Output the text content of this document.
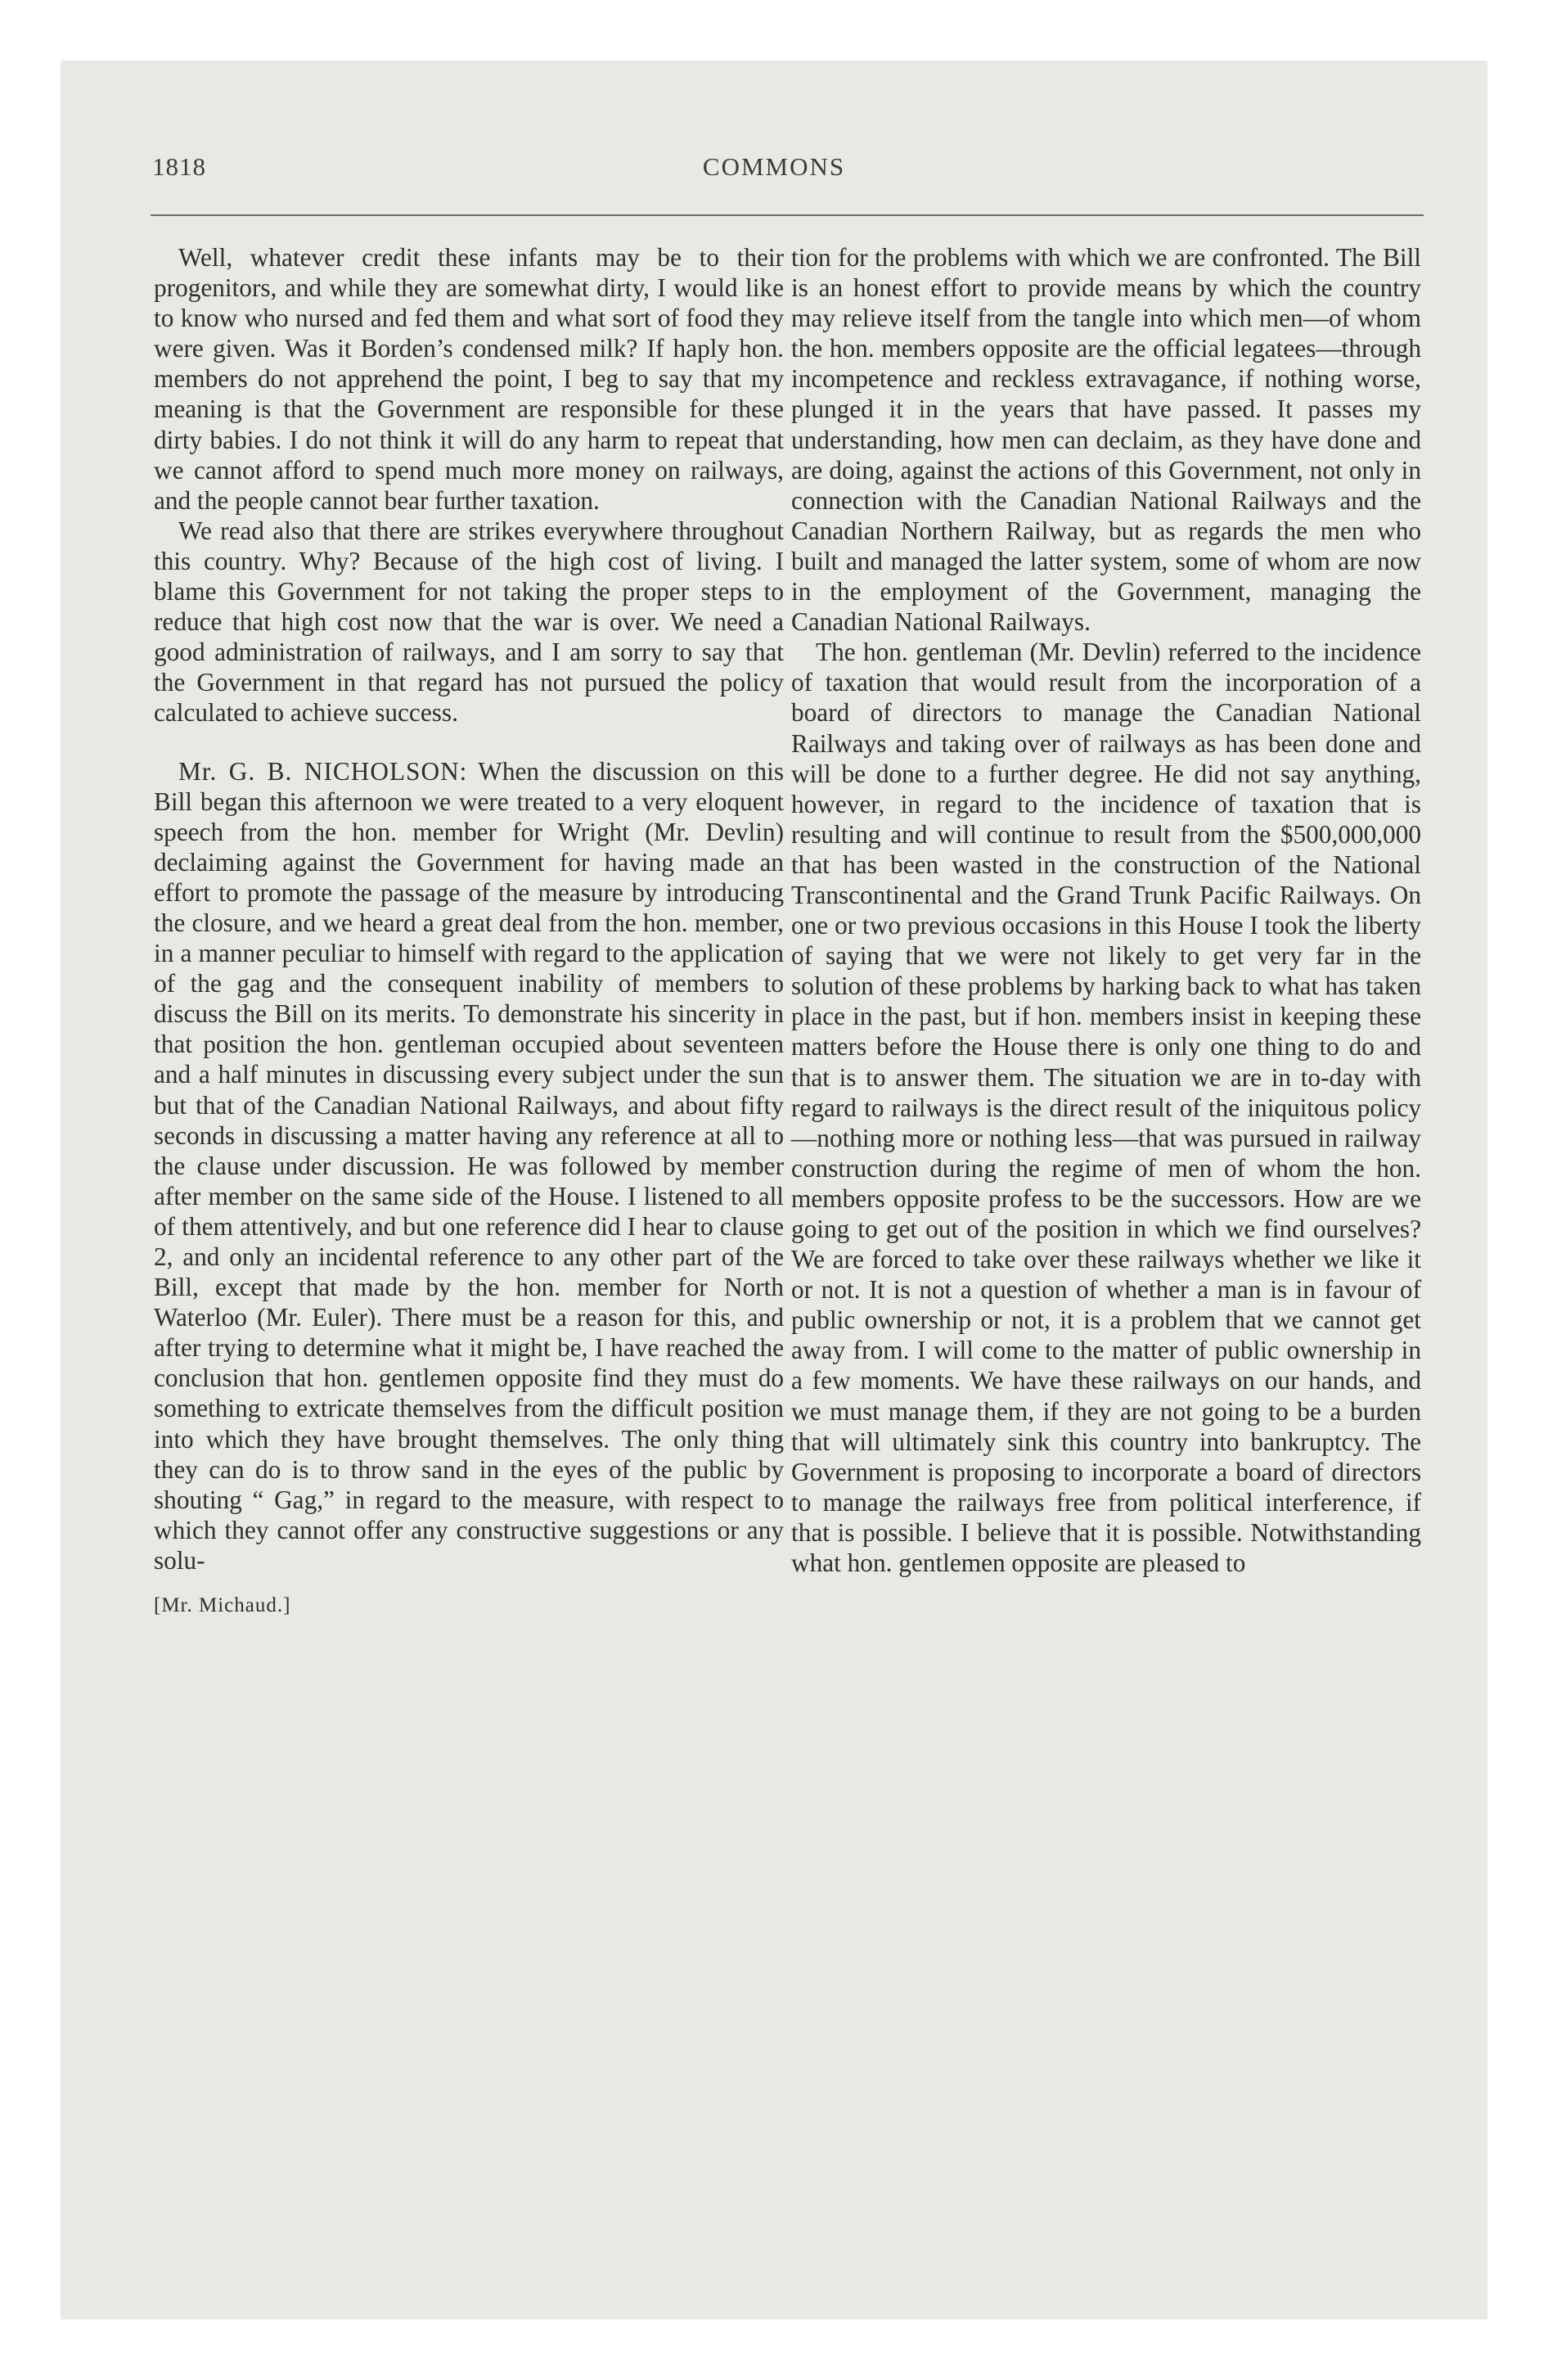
1818	COMMONS

Well, whatever credit these infants may be to their progenitors, and while they are somewhat dirty, I would like to know who nursed and fed them and what sort of food they were given. Was it Borden’s condensed milk? If haply hon. members do not apprehend the point, I beg to say that my meaning is that the Government are responsible for these dirty babies. I do not think it will do any harm to repeat that we cannot afford to spend much more money on railways, and the people cannot bear further taxation.

We read also that there are strikes everywhere throughout this country. Why? Because of the high cost of living. I blame this Government for not taking the proper steps to reduce that high cost now that the war is over. We need a good administration of railways, and I am sorry to say that the Government in that regard has not pursued the policy calculated to achieve success.

Mr. G. B. NICHOLSON: When the discussion on this Bill began this afternoon we were treated to a very eloquent speech from the hon. member for Wright (Mr. Devlin) declaiming against the Government for having made an effort to promote the passage of the measure by introducing the closure, and we heard a great deal from the hon. member, in a manner peculiar to himself with regard to the application of the gag and the consequent inability of members to discuss the Bill on its merits. To demonstrate his sincerity in that position the hon. gentleman occupied about seventeen and a half minutes in discussing every subject under the sun but that of the Canadian National Railways, and about fifty seconds in discussing a matter having any reference at all to the clause under discussion. He was followed by member after member on the same side of the House. I listened to all of them attentively, and but one reference did I hear to clause 2, and only an incidental reference to any other part of the Bill, except that made by the hon. member for North Waterloo (Mr. Euler). There must be a reason for this, and after trying to determine what it might be, I have reached the conclusion that hon. gentlemen opposite find they must do something to extricate themselves from the difficult position into which they have brought themselves. The only thing they can do is to throw sand in the eyes of the public by shouting “ Gag,” in regard to the measure, with respect to which they cannot offer any constructive suggestions or any solu-

[Mr. Michaud.]

tion for the problems with which we are confronted. The Bill is an honest effort to provide means by which the country may relieve itself from the tangle into which men—of whom the hon. members opposite are the official legatees—through incompetence and reckless extravagance, if nothing worse, plunged it in the years that have passed. It passes my understanding, how men can declaim, as they have done and are doing, against the actions of this Government, not only in connection with the Canadian National Railways and the Canadian Northern Railway, but as regards the men who built and managed the latter system, some of whom are now in the employment of the Government, managing the Canadian National Railways.

The hon. gentleman (Mr. Devlin) referred to the incidence of taxation that would result from the incorporation of a board of directors to manage the Canadian National Railways and taking over of railways as has been done and will be done to a further degree. He did not say anything, however, in regard to the incidence of taxation that is resulting and will continue to result from the $500,000,000 that has been wasted in the construction of the National Transcontinental and the Grand Trunk Pacific Railways. On one or two previous occasions in this House I took the liberty of saying that we were not likely to get very far in the solution of these problems by harking back to what has taken place in the past, but if hon. members insist in keeping these matters before the House there is only one thing to do and that is to answer them. The situation we are in to-day with regard to railways is the direct result of the iniquitous policy —nothing more or nothing less—that was pursued in railway construction during the regime of men of whom the hon. members opposite profess to be the successors. How are we going to get out of the position in which we find ourselves? We are forced to take over these railways whether we like it or not. It is not a question of whether a man is in favour of public ownership or not, it is a problem that we cannot get away from. I will come to the matter of public ownership in a few moments. We have these railways on our hands, and we must manage them, if they are not going to be a burden that will ultimately sink this country into bankruptcy. The Government is proposing to incorporate a board of directors to manage the railways free from political interference, if that is possible. I believe that it is possible. Notwithstanding what hon. gentlemen opposite are pleased to
